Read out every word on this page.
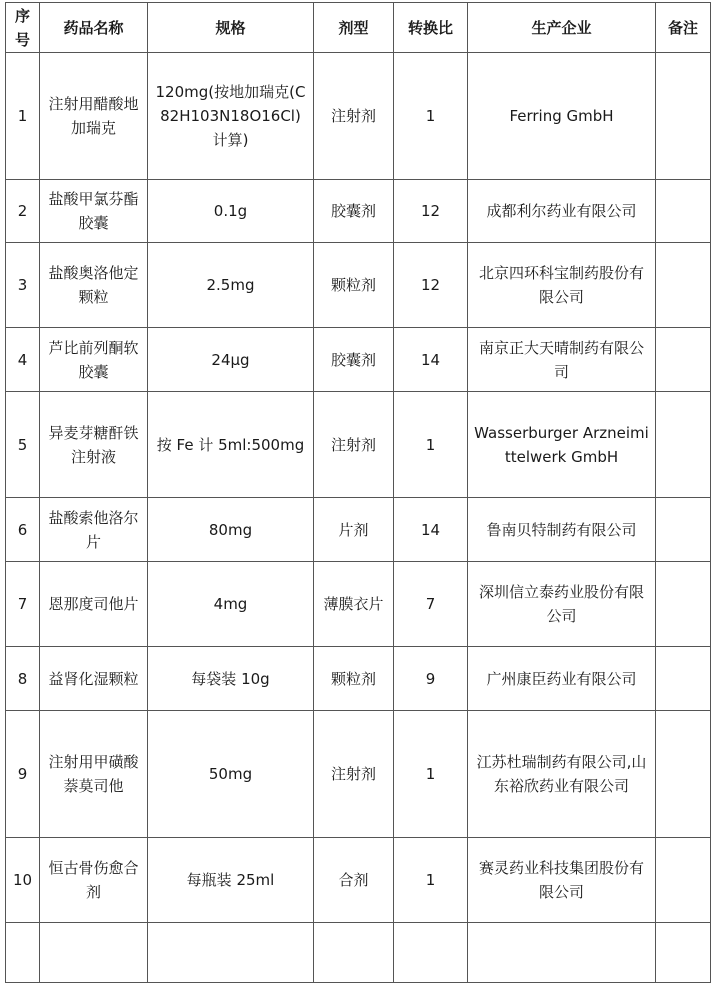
序号	药品名称	规格	剂型	转换比	生产企业	备注
1	注射用醋酸地加瑞克	120mg(按地加瑞克(C82H103N18O16Cl)计算)	注射剂	1	Ferring GmbH	
2	盐酸甲氯芬酯胶囊	0.1g	胶囊剂	12	成都利尔药业有限公司	
3	盐酸奥洛他定颗粒	2.5mg	颗粒剂	12	北京四环科宝制药股份有限公司	
4	芦比前列酮软胶囊	24μg	胶囊剂	14	南京正大天晴制药有限公司	
5	异麦芽糖酐铁注射液	按 Fe 计 5ml:500mg	注射剂	1	Wasserburger Arzneimittelwerk GmbH	
6	盐酸索他洛尔片	80mg	片剂	14	鲁南贝特制药有限公司	
7	恩那度司他片	4mg	薄膜衣片	7	深圳信立泰药业股份有限公司	
8	益肾化湿颗粒	每袋装 10g	颗粒剂	9	广州康臣药业有限公司	
9	注射用甲磺酸萘莫司他	50mg	注射剂	1	江苏杜瑞制药有限公司,山东裕欣药业有限公司	
10	恒古骨伤愈合剂	每瓶装 25ml	合剂	1	赛灵药业科技集团股份有限公司	
